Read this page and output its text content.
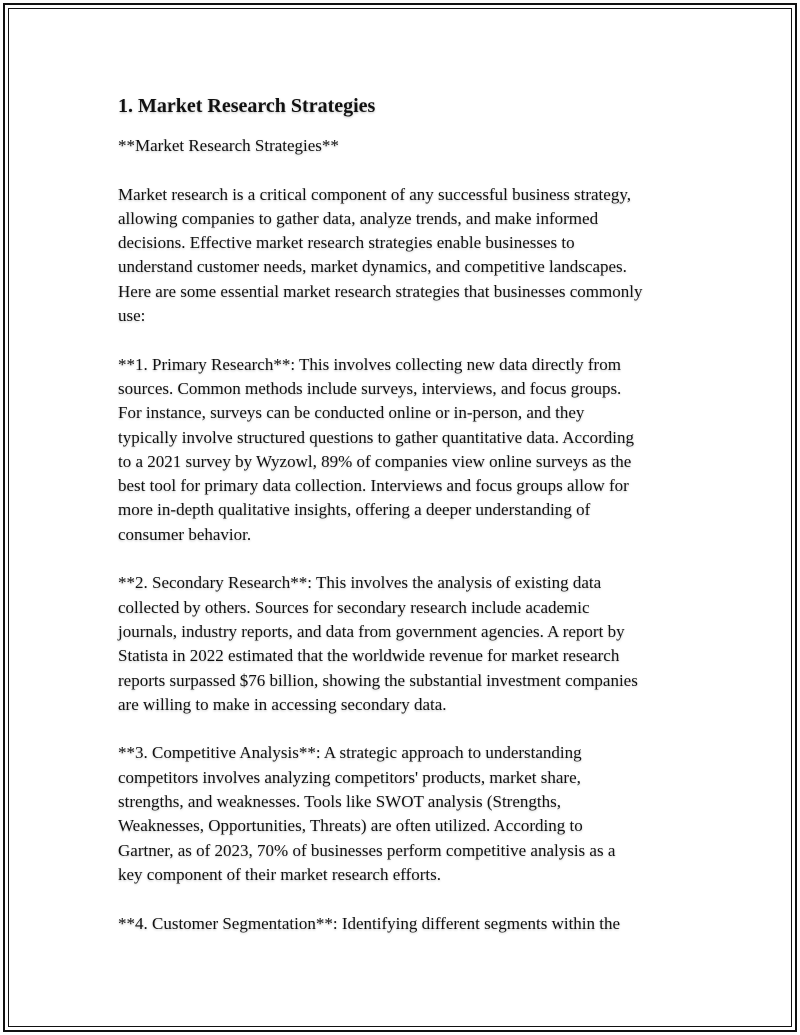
1. Market Research Strategies

**Market Research Strategies**

Market research is a critical component of any successful business strategy,
allowing companies to gather data, analyze trends, and make informed
decisions. Effective market research strategies enable businesses to
understand customer needs, market dynamics, and competitive landscapes.
Here are some essential market research strategies that businesses commonly
use:

**1. Primary Research**: This involves collecting new data directly from
sources. Common methods include surveys, interviews, and focus groups.
For instance, surveys can be conducted online or in-person, and they
typically involve structured questions to gather quantitative data. According
to a 2021 survey by Wyzowl, 89% of companies view online surveys as the
best tool for primary data collection. Interviews and focus groups allow for
more in-depth qualitative insights, offering a deeper understanding of
consumer behavior.

**2. Secondary Research**: This involves the analysis of existing data
collected by others. Sources for secondary research include academic
journals, industry reports, and data from government agencies. A report by
Statista in 2022 estimated that the worldwide revenue for market research
reports surpassed $76 billion, showing the substantial investment companies
are willing to make in accessing secondary data.

**3. Competitive Analysis**: A strategic approach to understanding
competitors involves analyzing competitors' products, market share,
strengths, and weaknesses. Tools like SWOT analysis (Strengths,
Weaknesses, Opportunities, Threats) are often utilized. According to
Gartner, as of 2023, 70% of businesses perform competitive analysis as a
key component of their market research efforts.

**4. Customer Segmentation**: Identifying different segments within the
